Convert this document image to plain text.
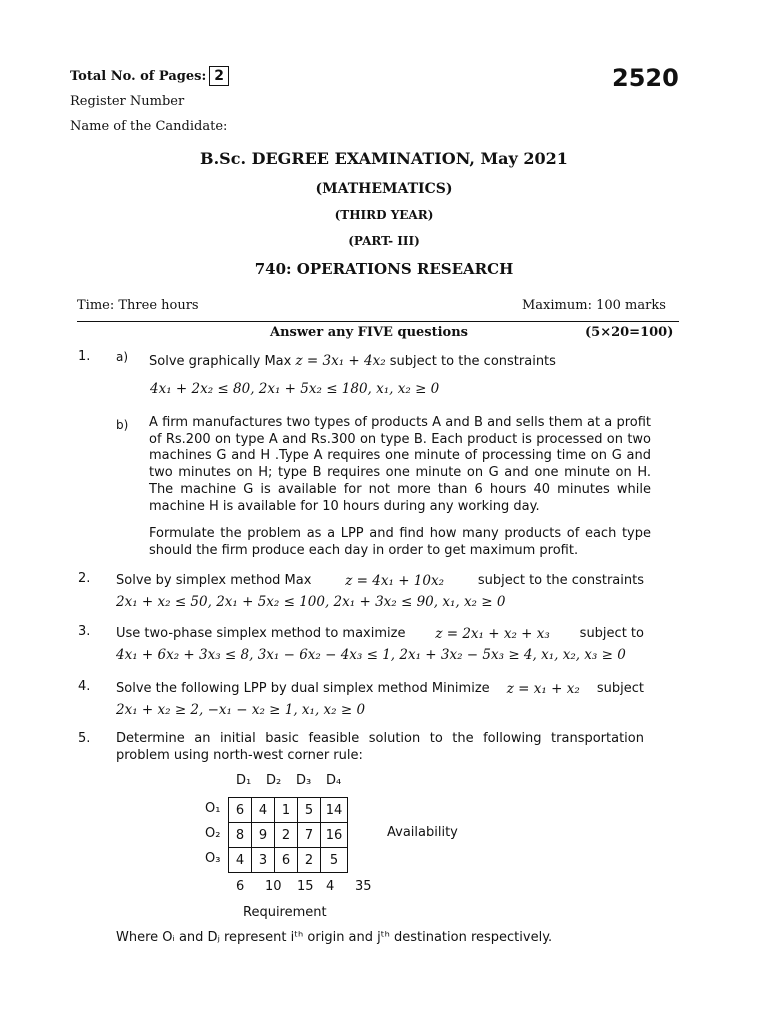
Total No. of Pages: 2	2520
Register Number
Name of the Candidate:
B.Sc. DEGREE EXAMINATION, May 2021
(MATHEMATICS)
(THIRD YEAR)
(PART- III)
740: OPERATIONS RESEARCH
Time: Three hours	Maximum: 100 marks
Answer any FIVE questions	(5×20=100)
1. a) Solve graphically Max z = 3x₁ + 4x₂ subject to the constraints
4x₁ + 2x₂ ≤ 80, 2x₁ + 5x₂ ≤ 180, x₁, x₂ ≥ 0
b) A firm manufactures two types of products A and B and sells them at a profit of Rs.200 on type A and Rs.300 on type B. Each product is processed on two machines G and H .Type A requires one minute of processing time on G and two minutes on H; type B requires one minute on G and one minute on H. The machine G is available for not more than 6 hours 40 minutes while machine H is available for 10 hours during any working day.
Formulate the problem as a LPP and find how many products of each type should the firm produce each day in order to get maximum profit.
2. Solve by simplex method Max	z = 4x₁ + 10x₂	subject to the constraints
2x₁ + x₂ ≤ 50, 2x₁ + 5x₂ ≤ 100, 2x₁ + 3x₂ ≤ 90, x₁, x₂ ≥ 0
3. Use two-phase simplex method to maximize z = 2x₁ + x₂ + x₃ subject to
4x₁ + 6x₂ + 3x₃ ≤ 8, 3x₁ − 6x₂ − 4x₃ ≤ 1, 2x₁ + 3x₂ − 5x₃ ≥ 4, x₁, x₂, x₃ ≥ 0
4. Solve the following LPP by dual simplex method Minimize z = x₁ + x₂ subject
2x₁ + x₂ ≥ 2, −x₁ − x₂ ≥ 1, x₁, x₂ ≥ 0
5. Determine an initial basic feasible solution to the following transportation problem using north-west corner rule:
D₁ D₂ D₃ D₄
O₁
O₂
O₃
6	4	1	5	14
8	9	2	7	16
4	3	6	2	5
Availability
6 10 15 4 35
Requirement
Where Oᵢ and Dⱼ represent iᵗʰ origin and jᵗʰ destination respectively.
